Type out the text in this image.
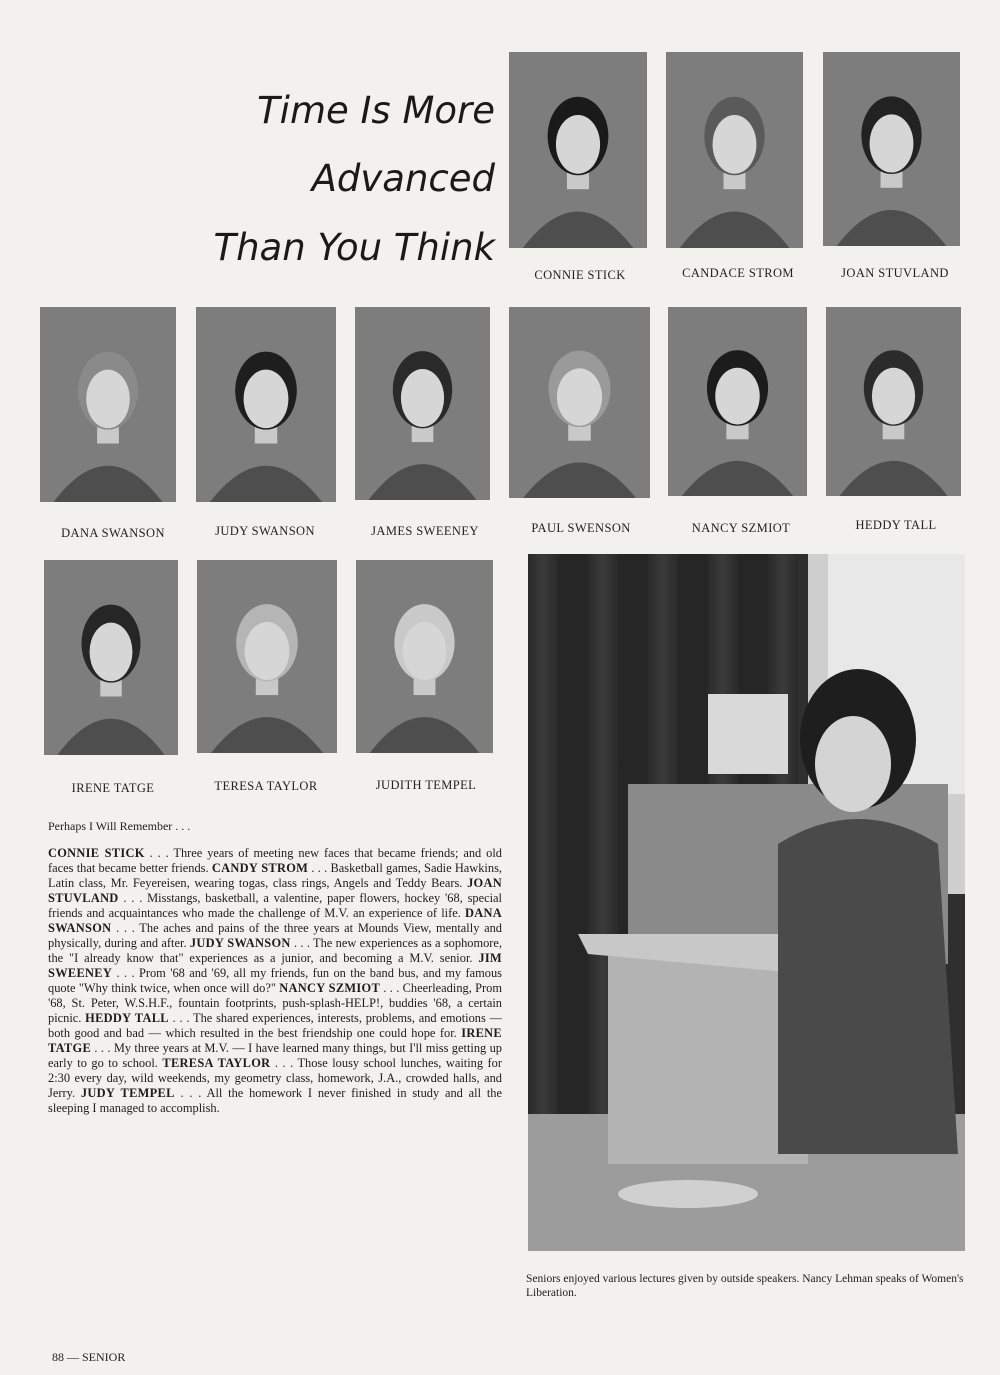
Time Is More
Advanced
Than You Think
CONNIE STICK	CANDACE STROM	JOAN STUVLAND
DANA SWANSON	JUDY SWANSON	JAMES SWEENEY	PAUL SWENSON	NANCY SZMIOT	HEDDY TALL
IRENE TATGE	TERESA TAYLOR	JUDITH TEMPEL
Perhaps I Will Remember . . .
CONNIE STICK . . . Three years of meeting new faces that became friends; and old faces that became better friends. CANDY STROM . . . Basketball games, Sadie Hawkins, Latin class, Mr. Feyereisen, wearing togas, class rings, Angels and Teddy Bears. JOAN STUVLAND . . . Misstangs, basketball, a valentine, paper flowers, hockey '68, special friends and acquaintances who made the challenge of M.V. an experience of life. DANA SWANSON . . . The aches and pains of the three years at Mounds View, mentally and physically, during and after. JUDY SWANSON . . . The new experiences as a sophomore, the "I already know that" experiences as a junior, and becoming a M.V. senior. JIM SWEENEY . . . Prom '68 and '69, all my friends, fun on the band bus, and my famous quote "Why think twice, when once will do?" NANCY SZMIOT . . . Cheerleading, Prom '68, St. Peter, W.S.H.F., fountain footprints, push-splash-HELP!, buddies '68, a certain picnic. HEDDY TALL . . . The shared experiences, interests, problems, and emotions — both good and bad — which resulted in the best friendship one could hope for. IRENE TATGE . . . My three years at M.V. — I have learned many things, but I'll miss getting up early to go to school. TERESA TAYLOR . . . Those lousy school lunches, waiting for 2:30 every day, wild weekends, my geometry class, homework, J.A., crowded halls, and Jerry. JUDY TEMPEL . . . All the homework I never finished in study and all the sleeping I managed to accomplish.
Seniors enjoyed various lectures given by outside speakers. Nancy Lehman speaks of Women's Liberation.
88 — SENIOR
